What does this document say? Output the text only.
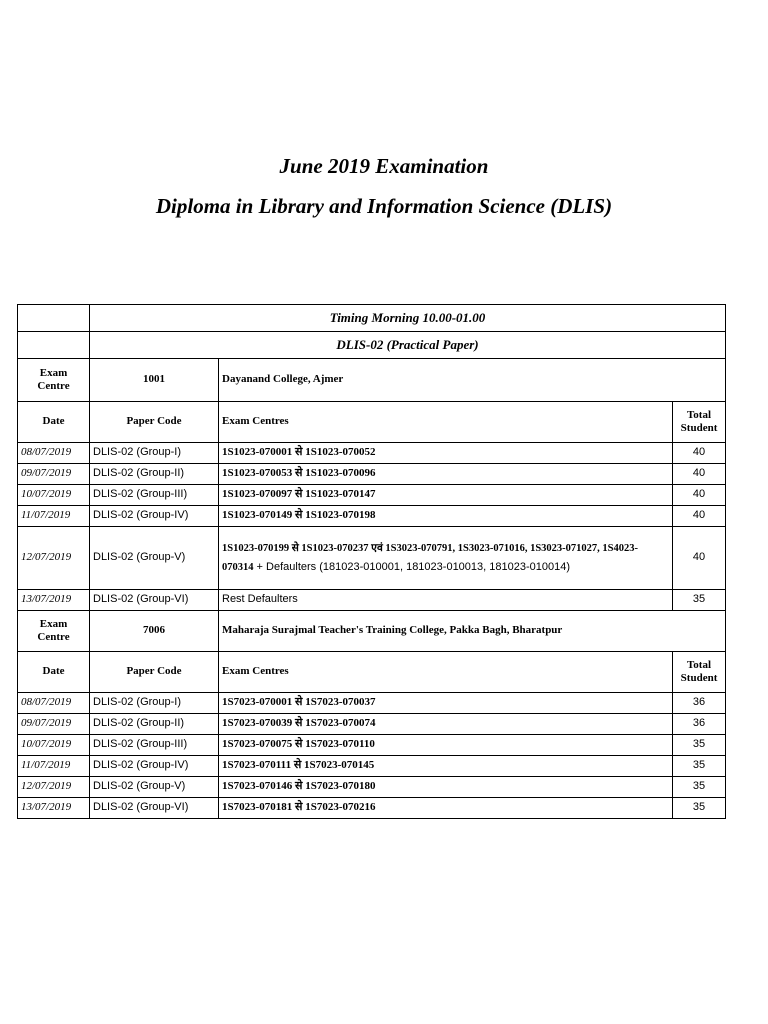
June 2019 Examination
Diploma in Library and Information Science (DLIS)
	Timing Morning 10.00-01.00		
	DLIS-02 (Practical Paper)		

Exam
Centre	1001	Dayanand College, Ajmer	
Date	Paper Code	Exam Centres	Total
Student

08/07/2019	DLIS-02 (Group-I)	1S1023-070001 से 1S1023-070052	40
09/07/2019	DLIS-02 (Group-II)	1S1023-070053 से 1S1023-070096	40
10/07/2019	DLIS-02 (Group-III)	1S1023-070097 से 1S1023-070147	40
11/07/2019	DLIS-02 (Group-IV)	1S1023-070149 से 1S1023-070198	40
12/07/2019	DLIS-02 (Group-V)	1S1023-070199 से 1S1023-070237 एवं 1S3023-070791, 1S3023-071016, 1S3023-071027, 1S4023-070314 + Defaulters (181023-010001, 181023-010013, 181023-010014)	40
13/07/2019	DLIS-02 (Group-VI)	Rest Defaulters	35

Exam
Centre	7006	Maharaja Surajmal Teacher's Training College, Pakka Bagh, Bharatpur	
Date	Paper Code	Exam Centres	Total
Student

08/07/2019	DLIS-02 (Group-I)	1S7023-070001 से 1S7023-070037	36
09/07/2019	DLIS-02 (Group-II)	1S7023-070039 से 1S7023-070074	36
10/07/2019	DLIS-02 (Group-III)	1S7023-070075 से 1S7023-070110	35
11/07/2019	DLIS-02 (Group-IV)	1S7023-070111 से 1S7023-070145	35
12/07/2019	DLIS-02 (Group-V)	1S7023-070146 से 1S7023-070180	35
13/07/2019	DLIS-02 (Group-VI)	1S7023-070181 से 1S7023-070216	35
